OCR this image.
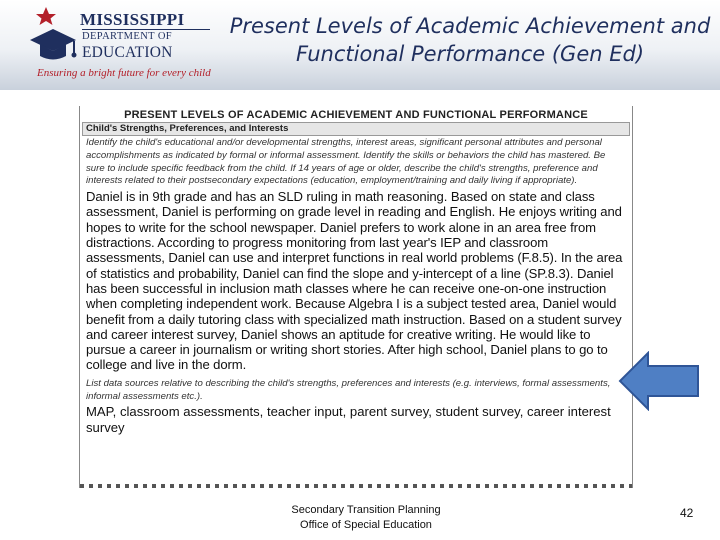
MISSISSIPPI
DEPARTMENT OF
EDUCATION
Ensuring a bright future for every child
Present Levels of Academic Achievement and Functional Performance (Gen Ed)
PRESENT LEVELS OF ACADEMIC ACHIEVEMENT AND FUNCTIONAL PERFORMANCE
Child's Strengths, Preferences, and Interests
Identify the child's educational and/or developmental strengths, interest areas, significant personal attributes and personal accomplishments as indicated by formal or informal assessment. Identify the skills or behaviors the child has mastered. Be sure to include specific feedback from the child. If 14 years of age or older, describe the child's strengths, preference and interests related to their postsecondary expectations (education, employment/training and daily living if appropriate).
Daniel is in 9th grade and has an SLD ruling in math reasoning. Based on state and class assessment, Daniel is performing on grade level in reading and English. He enjoys writing and hopes to write for the school newspaper. Daniel prefers to work alone in an area free from distractions. According to progress monitoring from last year's IEP and classroom assessments, Daniel can use and interpret functions in real world problems (F.8.5). In the area of statistics and probability, Daniel can find the slope and y-intercept of a line (SP.8.3). Daniel has been successful in inclusion math classes where he can receive one-on-one instruction when completing independent work. Because Algebra I is a subject tested area, Daniel would benefit from a daily tutoring class with specialized math instruction. Based on a student survey and career interest survey, Daniel shows an aptitude for creative writing. He would like to pursue a career in journalism or writing short stories. After high school, Daniel plans to go to college and live in the dorm.
List data sources relative to describing the child's strengths, preferences and interests (e.g. interviews, formal assessments, informal assessments etc.).
MAP, classroom assessments, teacher input, parent survey, student survey, career interest survey
Secondary Transition Planning
Office of Special Education
42
